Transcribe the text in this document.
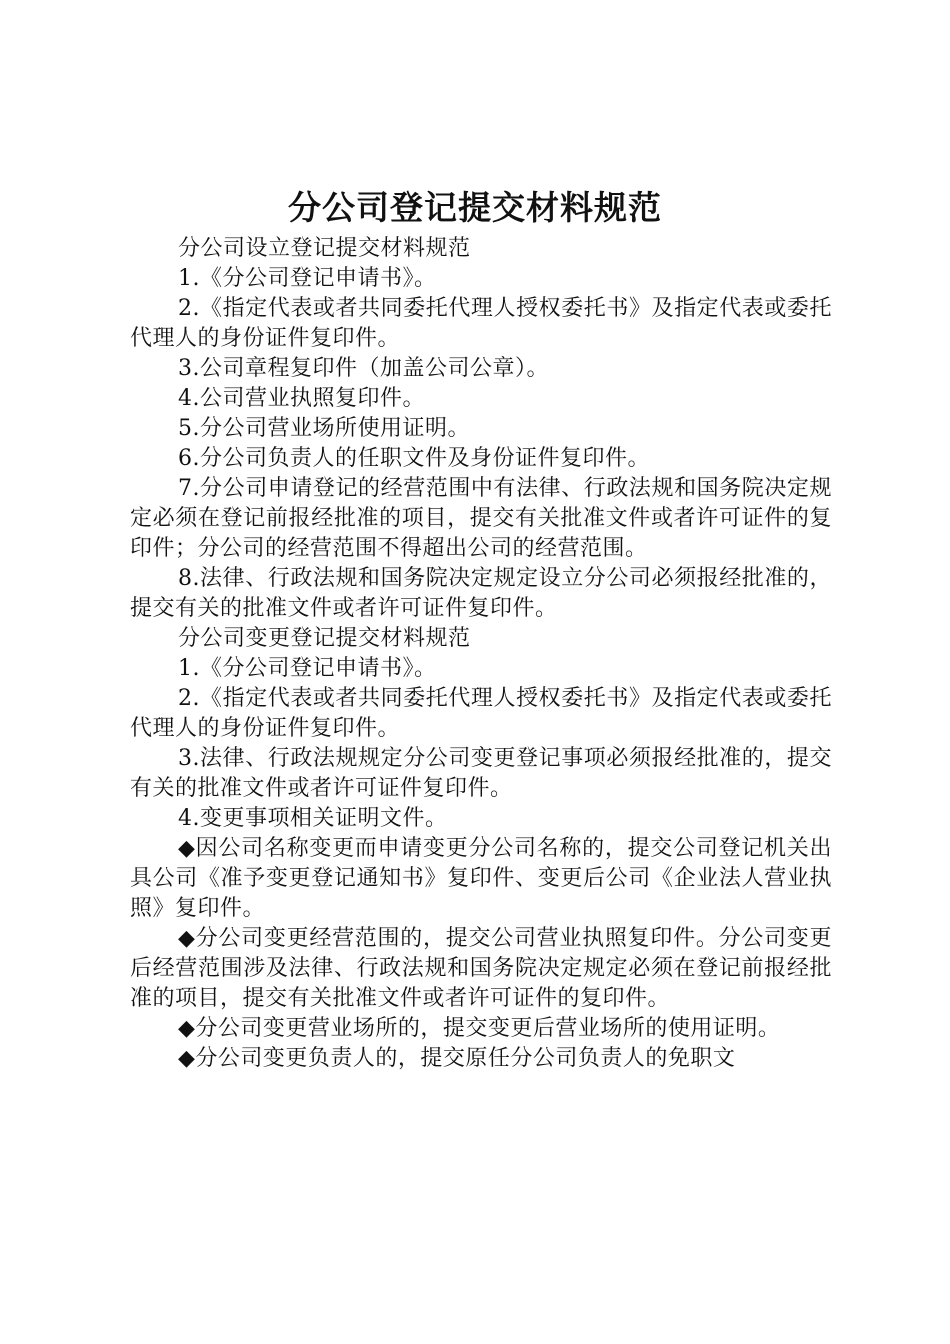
分公司登记提交材料规范

分公司设立登记提交材料规范

1.《分公司登记申请书》。

2.《指定代表或者共同委托代理人授权委托书》及指定代表或委托代理人的身份证件复印件。

3.公司章程复印件（加盖公司公章）。

4.公司营业执照复印件。

5.分公司营业场所使用证明。

6.分公司负责人的任职文件及身份证件复印件。

7.分公司申请登记的经营范围中有法律、行政法规和国务院决定规定必须在登记前报经批准的项目，提交有关批准文件或者许可证件的复印件；分公司的经营范围不得超出公司的经营范围。

8.法律、行政法规和国务院决定规定设立分公司必须报经批准的，提交有关的批准文件或者许可证件复印件。

分公司变更登记提交材料规范

1.《分公司登记申请书》。

2.《指定代表或者共同委托代理人授权委托书》及指定代表或委托代理人的身份证件复印件。

3.法律、行政法规规定分公司变更登记事项必须报经批准的，提交有关的批准文件或者许可证件复印件。

4.变更事项相关证明文件。

◆因公司名称变更而申请变更分公司名称的，提交公司登记机关出具公司《准予变更登记通知书》复印件、变更后公司《企业法人营业执照》复印件。

◆分公司变更经营范围的，提交公司营业执照复印件。分公司变更后经营范围涉及法律、行政法规和国务院决定规定必须在登记前报经批准的项目，提交有关批准文件或者许可证件的复印件。

◆分公司变更营业场所的，提交变更后营业场所的使用证明。

◆分公司变更负责人的，提交原任分公司负责人的免职文
